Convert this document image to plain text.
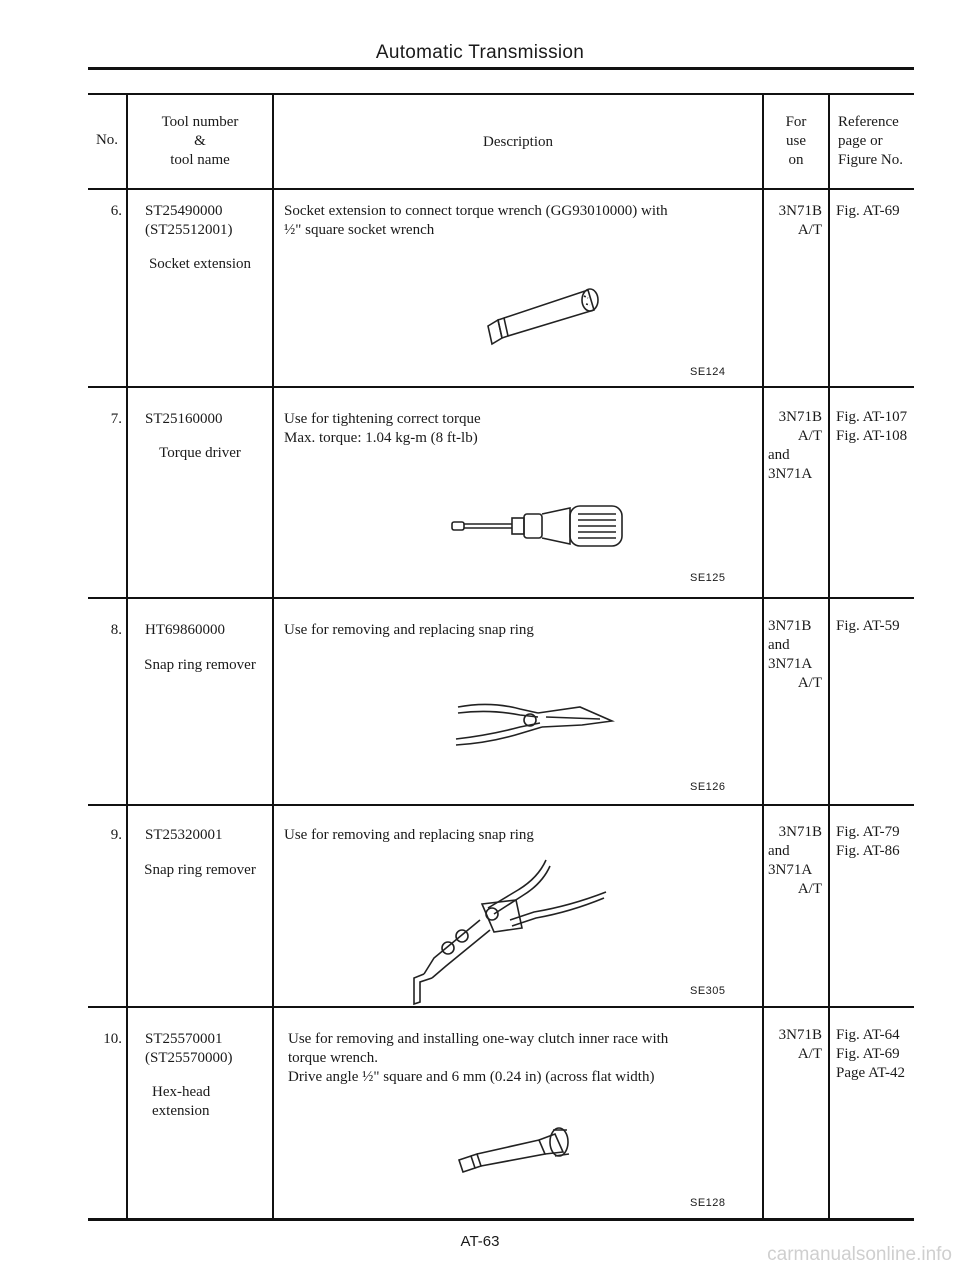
Automatic Transmission
No.
Tool number
&
tool name
Description
For
use
on
Reference
page or
Figure No.
6. ST25490000
(ST25512001)
Socket extension
Socket extension to connect torque wrench (GG93010000) with
½" square socket wrench
SE124
3N71B
A/T
Fig. AT-69
7. ST25160000
Torque driver
Use for tightening correct torque
Max. torque: 1.04 kg-m (8 ft-lb)
SE125
3N71B
A/T
and
3N71A
Fig. AT-107
Fig. AT-108
8. HT69860000
Snap ring remover
Use for removing and replacing snap ring
SE126
3N71B
and
3N71A
A/T
Fig. AT-59
9. ST25320001
Snap ring remover
Use for removing and replacing snap ring
SE305
3N71B
and
3N71A
A/T
Fig. AT-79
Fig. AT-86
10. ST25570001
(ST25570000)
Hex-head
extension
Use for removing and installing one-way clutch inner race with
torque wrench.
Drive angle ½" square and 6 mm (0.24 in) (across flat width)
SE128
3N71B
A/T
Fig. AT-64
Fig. AT-69
Page AT-42
AT-63
carmanualsonline.info
